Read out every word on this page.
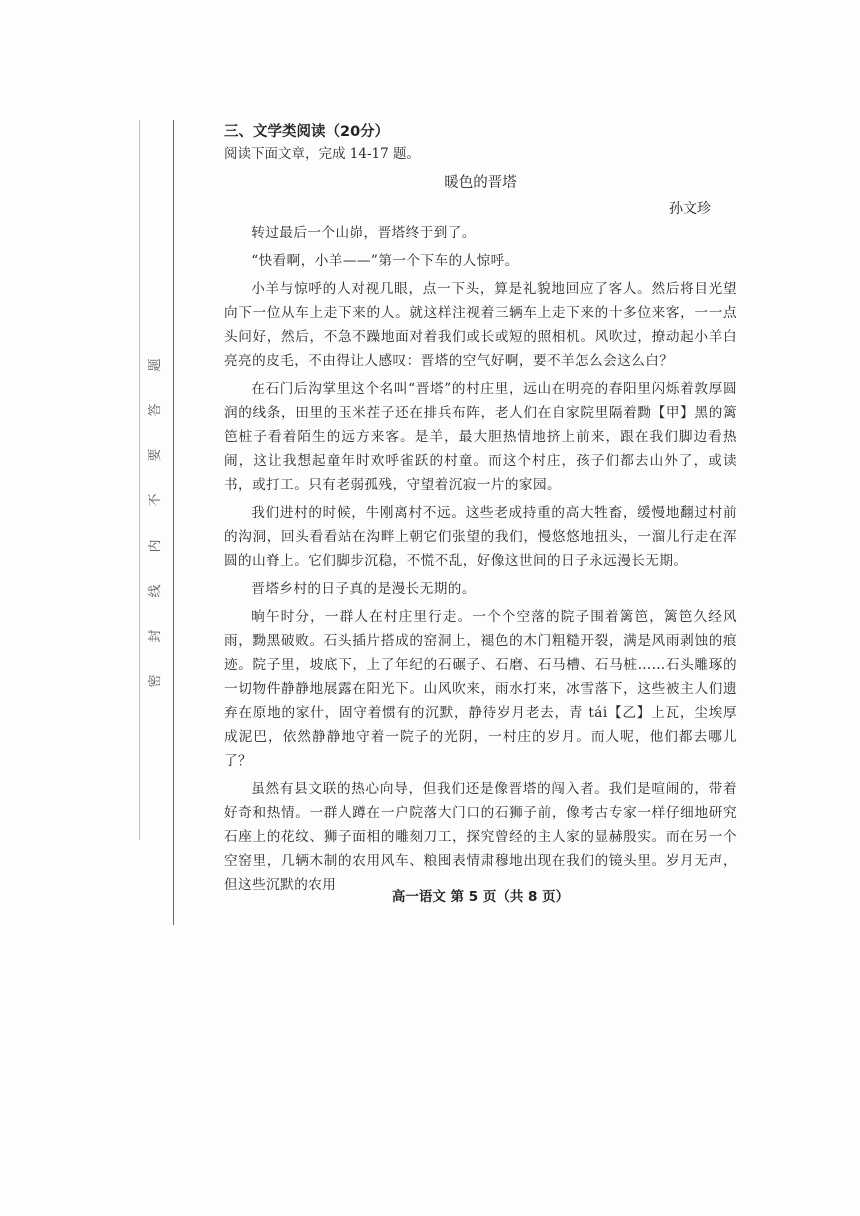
密
封
线
内
不
要
答
题
三、文学类阅读（20分）
阅读下面文章，完成 14-17 题。
暖色的晋塔
孙文珍

转过最后一个山峁，晋塔终于到了。

“快看啊，小羊——”第一个下车的人惊呼。

小羊与惊呼的人对视几眼，点一下头，算是礼貌地回应了客人。然后将目光望向下一位从车上走下来的人。就这样注视着三辆车上走下来的十多位来客，一一点头问好，然后，不急不躁地面对着我们或长或短的照相机。风吹过，撩动起小羊白亮亮的皮毛，不由得让人感叹：晋塔的空气好啊，要不羊怎么会这么白？

在石门后沟掌里这个名叫“晋塔”的村庄里，远山在明亮的春阳里闪烁着敦厚圆润的线条，田里的玉米茬子还在排兵布阵，老人们在自家院里隔着黝【甲】黑的篱笆桩子看着陌生的远方来客。是羊，最大胆热情地挤上前来，跟在我们脚边看热闹，这让我想起童年时欢呼雀跃的村童。而这个村庄，孩子们都去山外了，或读书，或打工。只有老弱孤残，守望着沉寂一片的家园。

我们进村的时候，牛刚离村不远。这些老成持重的高大牲畜，缓慢地翻过村前的沟洞，回头看看站在沟畔上朝它们张望的我们，慢悠悠地扭头，一溜儿行走在浑圆的山脊上。它们脚步沉稳，不慌不乱，好像这世间的日子永远漫长无期。

晋塔乡村的日子真的是漫长无期的。

晌午时分，一群人在村庄里行走。一个个空落的院子围着篱笆，篱笆久经风雨，黝黑破败。石头插片搭成的窑洞上，褪色的木门粗糙开裂，满是风雨剥蚀的痕迹。院子里，坡底下，上了年纪的石碾子、石磨、石马槽、石马桩……石头雕琢的一切物件静静地展露在阳光下。山风吹来，雨水打来，冰雪落下，这些被主人们遗弃在原地的家什，固守着惯有的沉默，静待岁月老去，青 tái【乙】上瓦，尘埃厚成泥巴，依然静静地守着一院子的光阴，一村庄的岁月。而人呢，他们都去哪儿了？

虽然有县文联的热心向导，但我们还是像晋塔的闯入者。我们是喧闹的，带着好奇和热情。一群人蹲在一户院落大门口的石狮子前，像考古专家一样仔细地研究石座上的花纹、狮子面相的雕刻刀工，探究曾经的主人家的显赫殷实。而在另一个空窑里，几辆木制的农用风车、粮囤表情肃穆地出现在我们的镜头里。岁月无声，但这些沉默的农用

高一语文 第 5 页（共 8 页）
